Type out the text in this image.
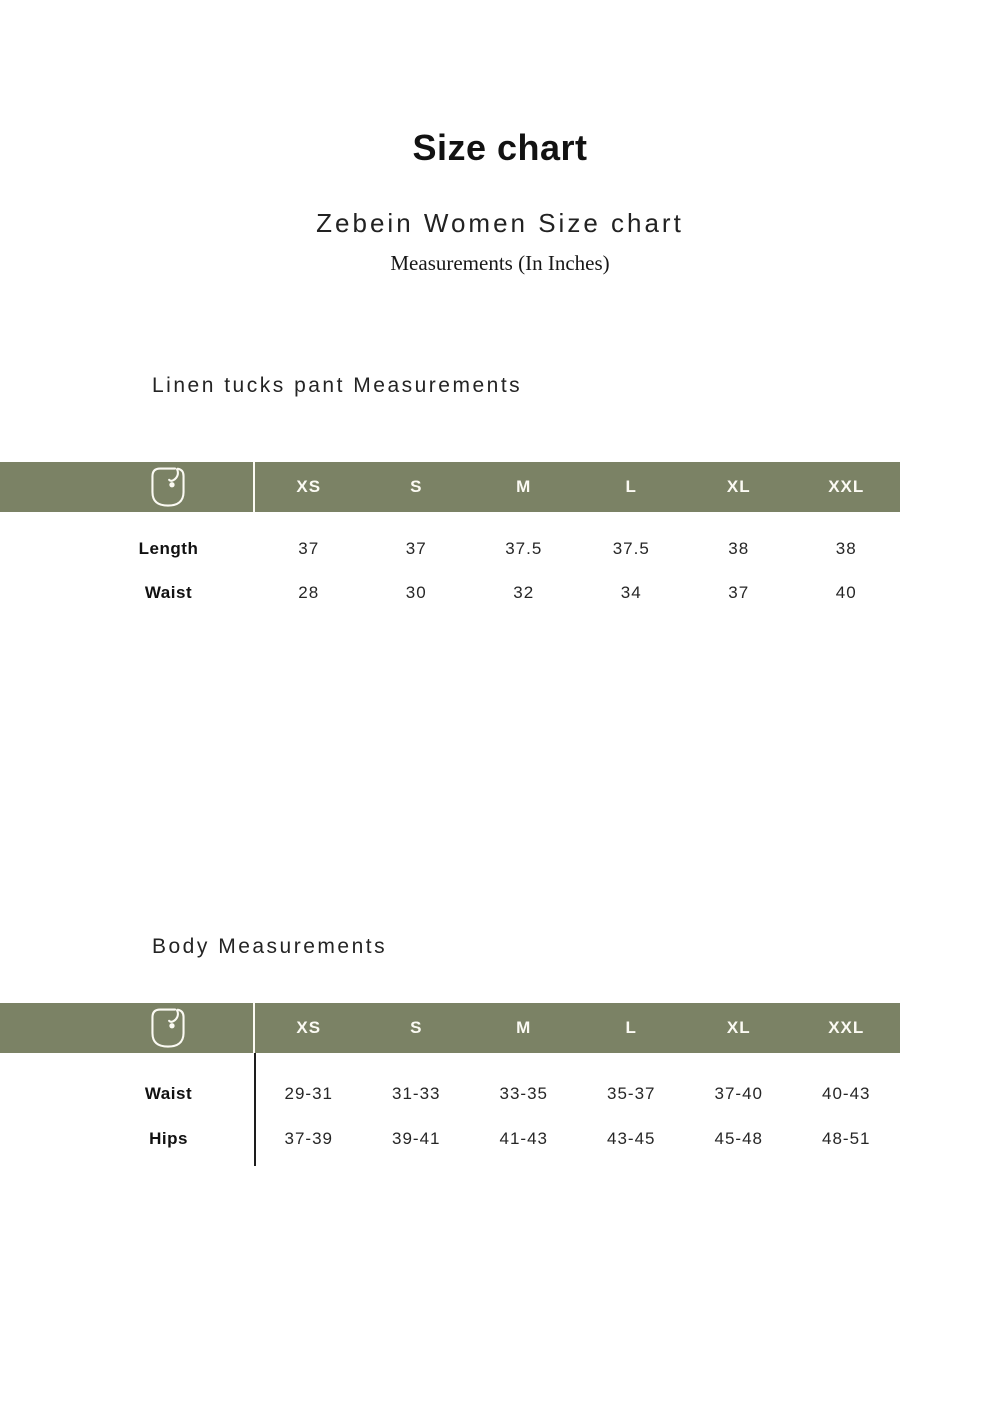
Size chart
Zebein Women Size chart
Measurements (In Inches)
Linen tucks pant Measurements
XS	S	M	L	XL	XXL
Length	37	37	37.5	37.5	38	38
Waist	28	30	32	34	37	40
Body Measurements
XS	S	M	L	XL	XXL
Waist	29-31	31-33	33-35	35-37	37-40	40-43
Hips	37-39	39-41	41-43	43-45	45-48	48-51
